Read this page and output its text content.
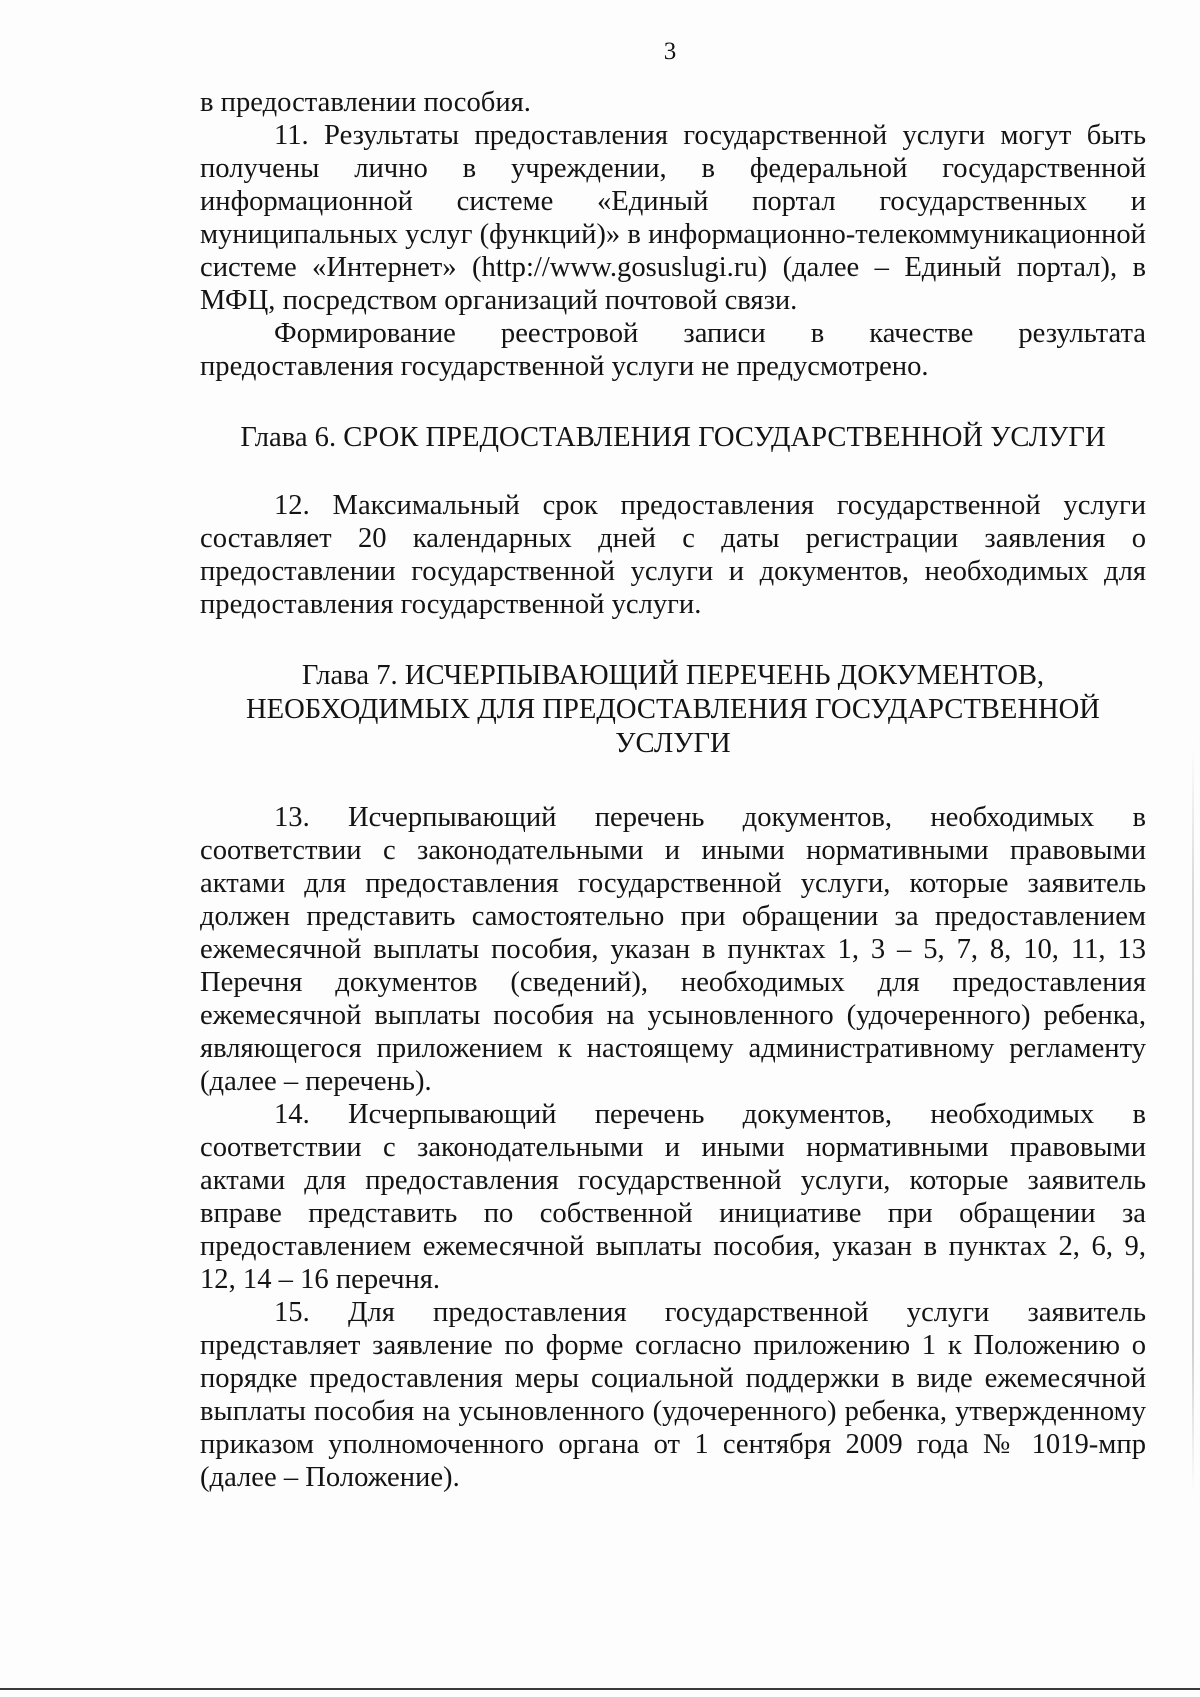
3

в предоставлении пособия.

11. Результаты предоставления государственной услуги могут быть получены лично в учреждении, в федеральной государственной информационной системе «Единый портал государственных и муниципальных услуг (функций)» в информационно-телекоммуникационной системе «Интернет» (http://www.gosuslugi.ru) (далее – Единый портал), в МФЦ, посредством организаций почтовой связи.

Формирование реестровой записи в качестве результата предоставления государственной услуги не предусмотрено.

Глава 6. СРОК ПРЕДОСТАВЛЕНИЯ ГОСУДАРСТВЕННОЙ УСЛУГИ

12. Максимальный срок предоставления государственной услуги составляет 20 календарных дней с даты регистрации заявления о предоставлении государственной услуги и документов, необходимых для предоставления государственной услуги.

Глава 7. ИСЧЕРПЫВАЮЩИЙ ПЕРЕЧЕНЬ ДОКУМЕНТОВ,
НЕОБХОДИМЫХ ДЛЯ ПРЕДОСТАВЛЕНИЯ ГОСУДАРСТВЕННОЙ
УСЛУГИ

13. Исчерпывающий перечень документов, необходимых в соответствии с законодательными и иными нормативными правовыми актами для предоставления государственной услуги, которые заявитель должен представить самостоятельно при обращении за предоставлением ежемесячной выплаты пособия, указан в пунктах 1, 3 – 5, 7, 8, 10, 11, 13 Перечня документов (сведений), необходимых для предоставления ежемесячной выплаты пособия на усыновленного (удочеренного) ребенка, являющегося приложением к настоящему административному регламенту (далее – перечень).

14. Исчерпывающий перечень документов, необходимых в соответствии с законодательными и иными нормативными правовыми актами для предоставления государственной услуги, которые заявитель вправе представить по собственной инициативе при обращении за предоставлением ежемесячной выплаты пособия, указан в пунктах 2, 6, 9, 12, 14 – 16 перечня.

15. Для предоставления государственной услуги заявитель представляет заявление по форме согласно приложению 1 к Положению о порядке предоставления меры социальной поддержки в виде ежемесячной выплаты пособия на усыновленного (удочеренного) ребенка, утвержденному приказом уполномоченного органа от 1 сентября 2009 года № 1019-мпр (далее – Положение).
